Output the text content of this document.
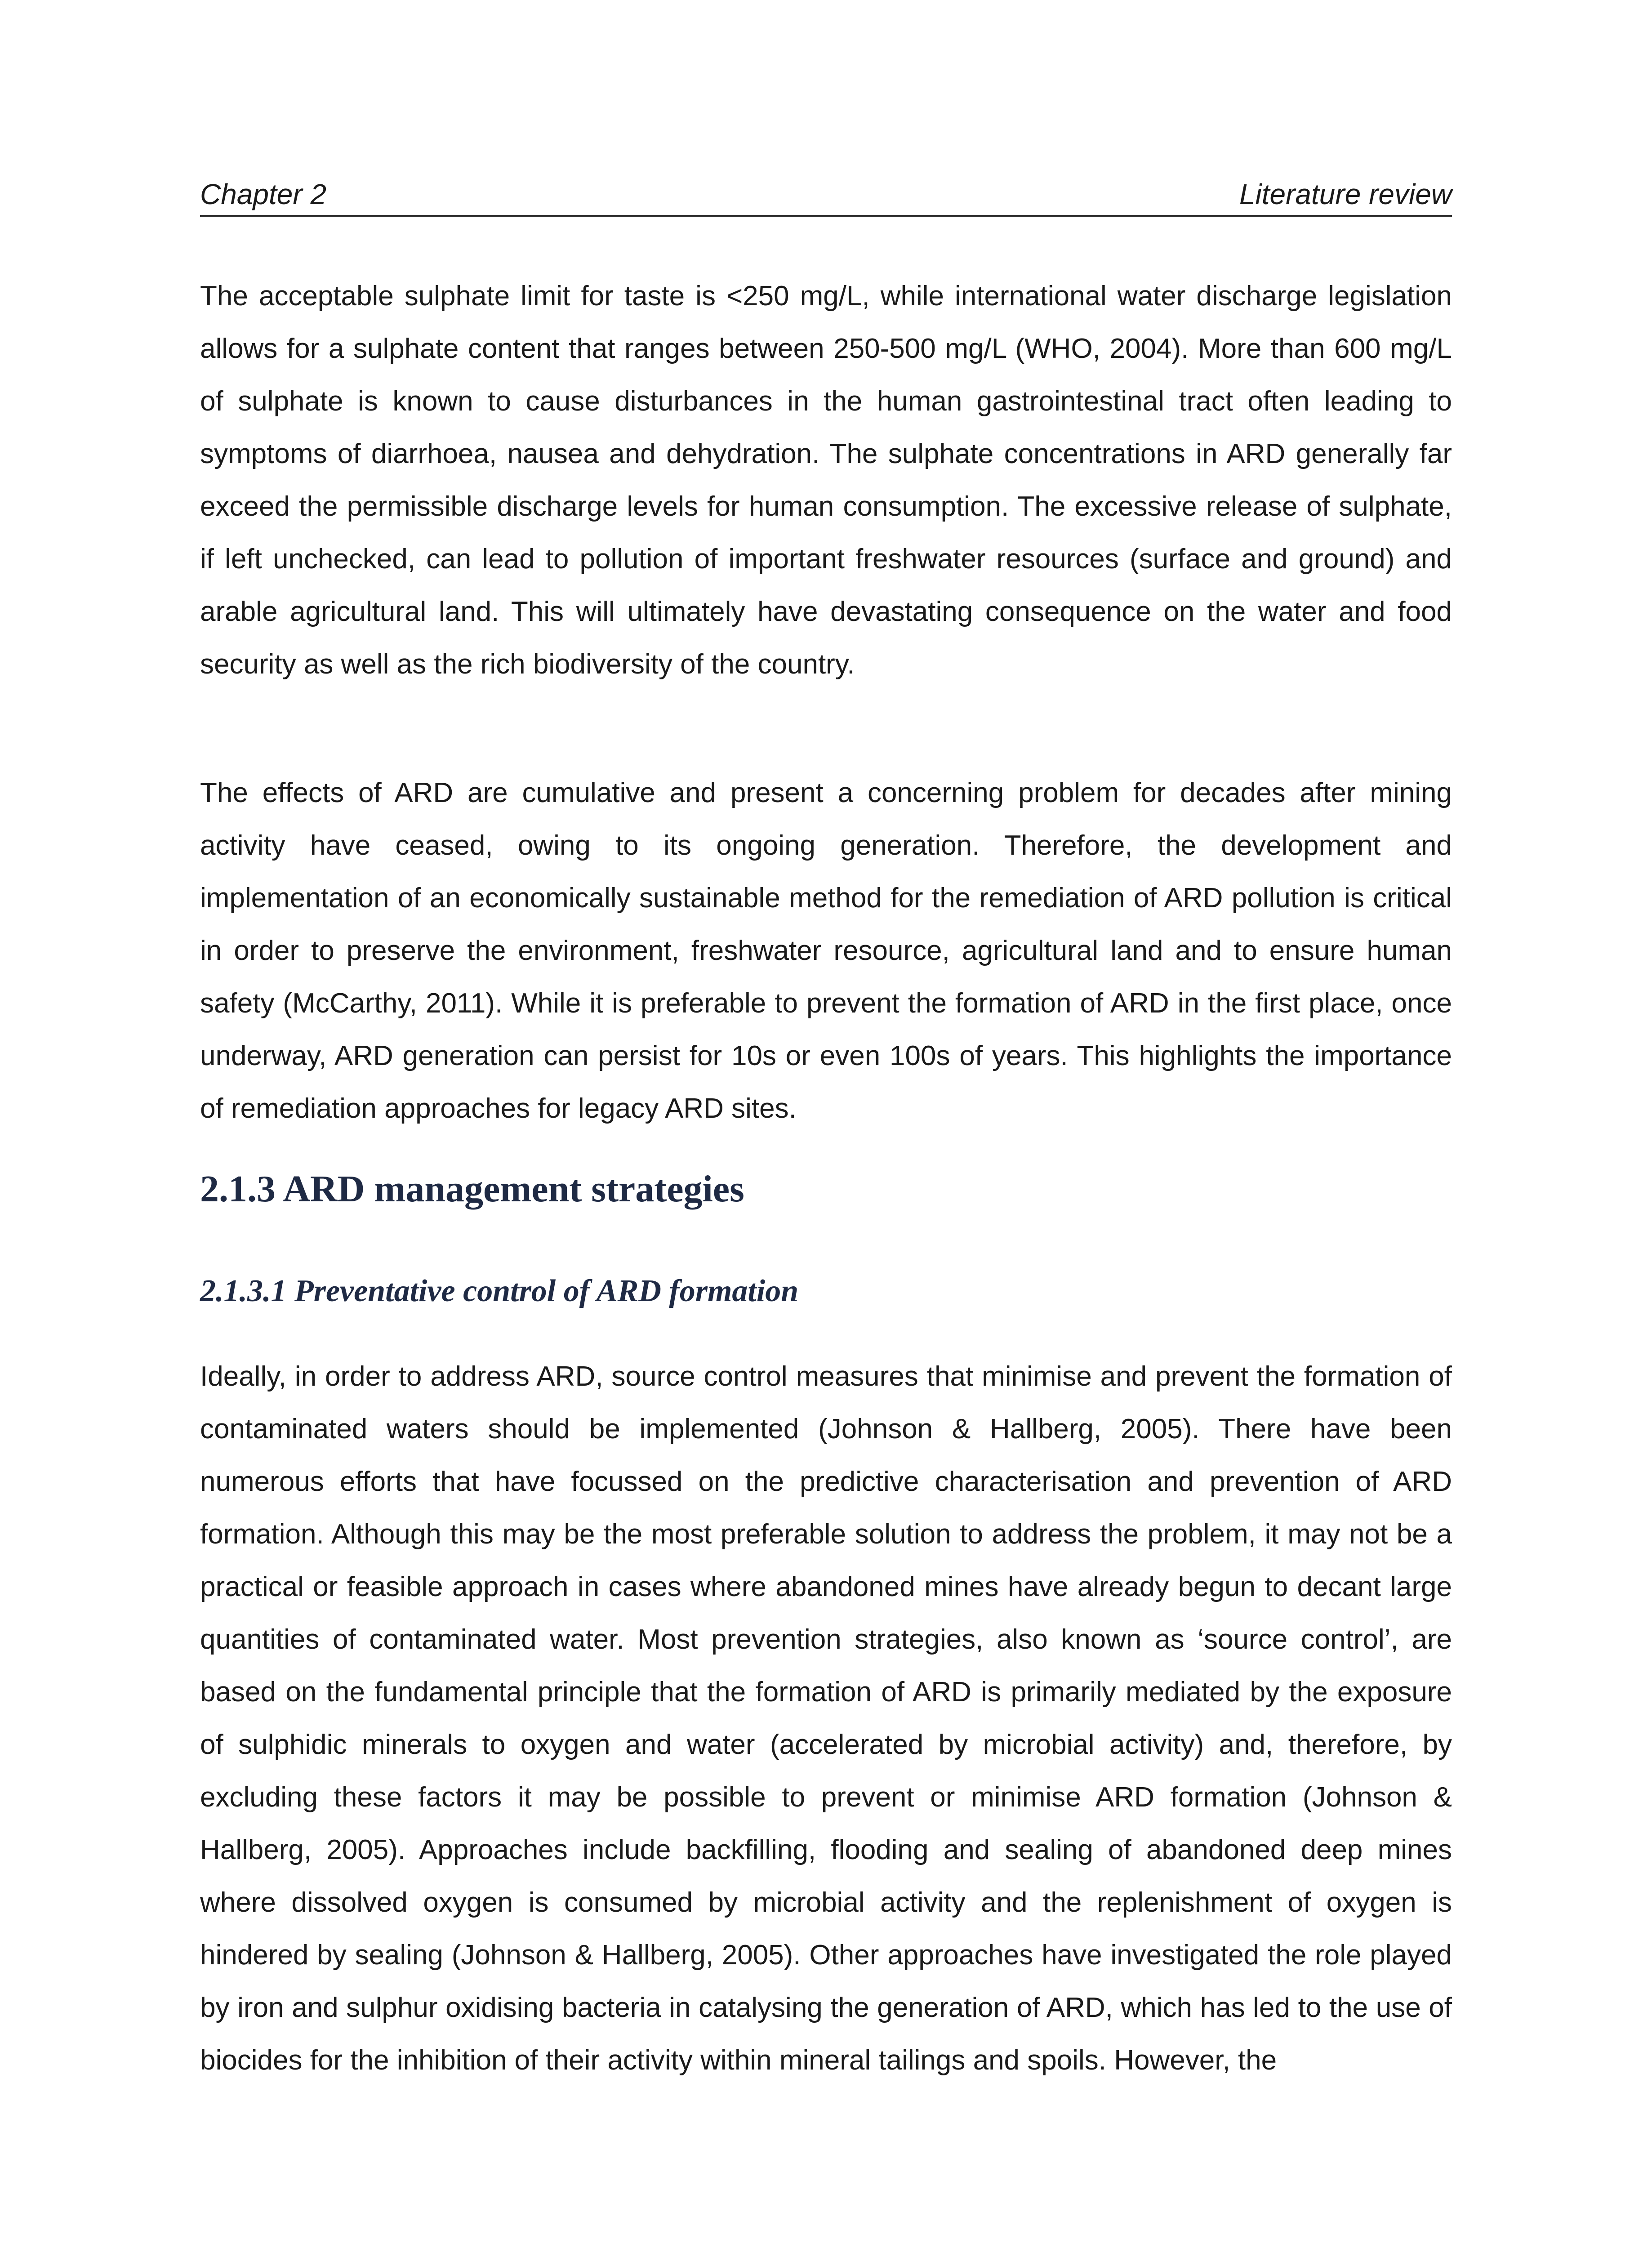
Chapter 2	Literature review

The acceptable sulphate limit for taste is <250 mg/L, while international water discharge legislation allows for a sulphate content that ranges between 250-500 mg/L (WHO, 2004). More than 600 mg/L of sulphate is known to cause disturbances in the human gastrointestinal tract often leading to symptoms of diarrhoea, nausea and dehydration. The sulphate concentrations in ARD generally far exceed the permissible discharge levels for human consumption. The excessive release of sulphate, if left unchecked, can lead to pollution of important freshwater resources (surface and ground) and arable agricultural land. This will ultimately have devastating consequence on the water and food security as well as the rich biodiversity of the country.

The effects of ARD are cumulative and present a concerning problem for decades after mining activity have ceased, owing to its ongoing generation. Therefore, the development and implementation of an economically sustainable method for the remediation of ARD pollution is critical in order to preserve the environment, freshwater resource, agricultural land and to ensure human safety (McCarthy, 2011). While it is preferable to prevent the formation of ARD in the first place, once underway, ARD generation can persist for 10s or even 100s of years. This highlights the importance of remediation approaches for legacy ARD sites.

2.1.3 ARD management strategies
2.1.3.1 Preventative control of ARD formation

Ideally, in order to address ARD, source control measures that minimise and prevent the formation of contaminated waters should be implemented (Johnson & Hallberg, 2005). There have been numerous efforts that have focussed on the predictive characterisation and prevention of ARD formation. Although this may be the most preferable solution to address the problem, it may not be a practical or feasible approach in cases where abandoned mines have already begun to decant large quantities of contaminated water. Most prevention strategies, also known as ‘source control’, are based on the fundamental principle that the formation of ARD is primarily mediated by the exposure of sulphidic minerals to oxygen and water (accelerated by microbial activity) and, therefore, by excluding these factors it may be possible to prevent or minimise ARD formation (Johnson & Hallberg, 2005). Approaches include backfilling, flooding and sealing of abandoned deep mines where dissolved oxygen is consumed by microbial activity and the replenishment of oxygen is hindered by sealing (Johnson & Hallberg, 2005). Other approaches have investigated the role played by iron and sulphur oxidising bacteria in catalysing the generation of ARD, which has led to the use of biocides for the inhibition of their activity within mineral tailings and spoils. However, the
